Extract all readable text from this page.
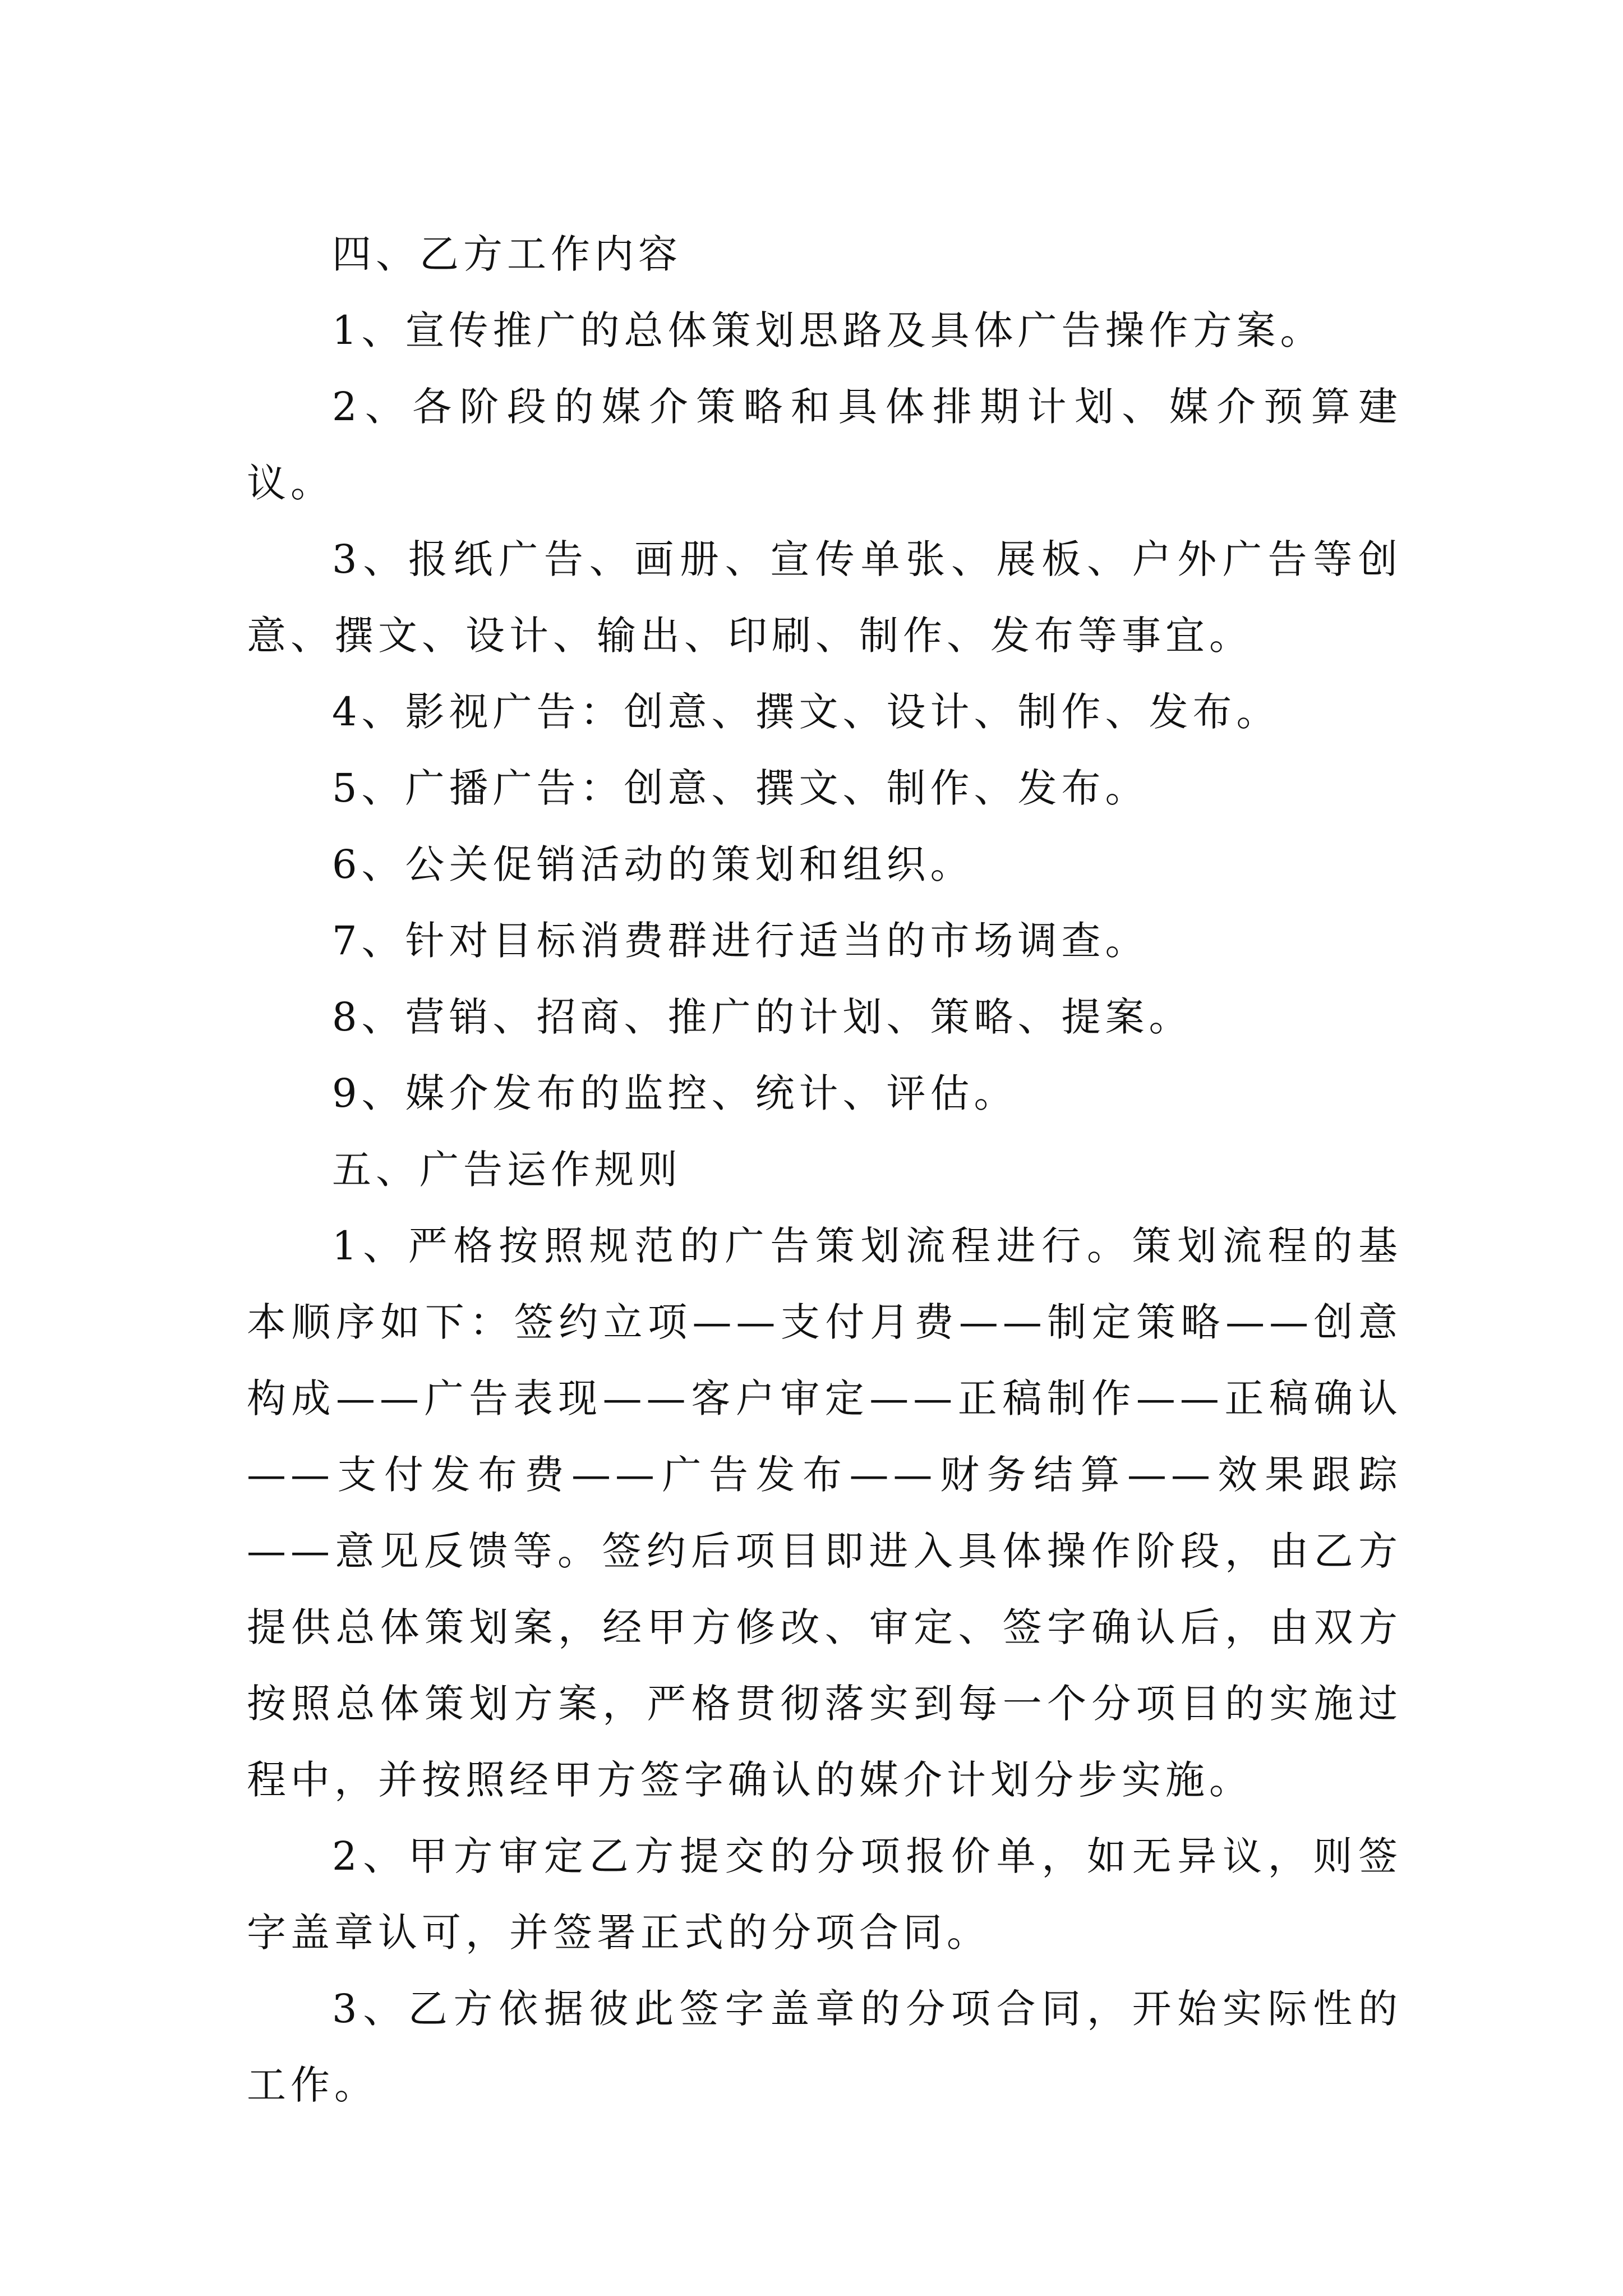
四、乙方工作内容

1、宣传推广的总体策划思路及具体广告操作方案。

2、各阶段的媒介策略和具体排期计划、媒介预算建议。

3、报纸广告、画册、宣传单张、展板、户外广告等创意、撰文、设计、输出、印刷、制作、发布等事宜。

4、影视广告：创意、撰文、设计、制作、发布。

5、广播广告：创意、撰文、制作、发布。

6、公关促销活动的策划和组织。

7、针对目标消费群进行适当的市场调查。

8、营销、招商、推广的计划、策略、提案。

9、媒介发布的监控、统计、评估。

五、广告运作规则

1、严格按照规范的广告策划流程进行。策划流程的基本顺序如下：签约立项——支付月费——制定策略——创意构成——广告表现——客户审定——正稿制作——正稿确认——支付发布费——广告发布——财务结算——效果跟踪——意见反馈等。签约后项目即进入具体操作阶段，由乙方提供总体策划案，经甲方修改、审定、签字确认后，由双方按照总体策划方案，严格贯彻落实到每一个分项目的实施过程中，并按照经甲方签字确认的媒介计划分步实施。

2、甲方审定乙方提交的分项报价单，如无异议，则签字盖章认可，并签署正式的分项合同。

3、乙方依据彼此签字盖章的分项合同，开始实际性的工作。
